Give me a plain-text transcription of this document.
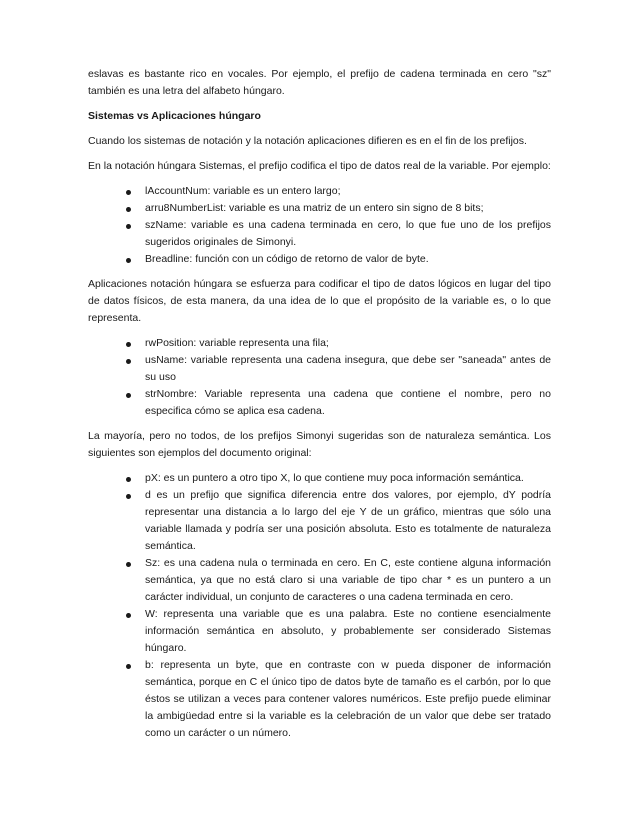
eslavas es bastante rico en vocales. Por ejemplo, el prefijo de cadena terminada en cero "sz" también es una letra del alfabeto húngaro.

Sistemas vs Aplicaciones húngaro

Cuando los sistemas de notación y la notación aplicaciones difieren es en el fin de los prefijos.

En la notación húngara Sistemas, el prefijo codifica el tipo de datos real de la variable. Por ejemplo:

lAccountNum: variable es un entero largo;
arru8NumberList: variable es una matriz de un entero sin signo de 8 bits;
szName: variable es una cadena terminada en cero, lo que fue uno de los prefijos sugeridos originales de Simonyi.
Breadline: función con un código de retorno de valor de byte.

Aplicaciones notación húngara se esfuerza para codificar el tipo de datos lógicos en lugar del tipo de datos físicos, de esta manera, da una idea de lo que el propósito de la variable es, o lo que representa.

rwPosition: variable representa una fila;
usName: variable representa una cadena insegura, que debe ser "saneada" antes de su uso
strNombre: Variable representa una cadena que contiene el nombre, pero no especifica cómo se aplica esa cadena.

La mayoría, pero no todos, de los prefijos Simonyi sugeridas son de naturaleza semántica. Los siguientes son ejemplos del documento original:

pX: es un puntero a otro tipo X, lo que contiene muy poca información semántica.
d es un prefijo que significa diferencia entre dos valores, por ejemplo, dY podría representar una distancia a lo largo del eje Y de un gráfico, mientras que sólo una variable llamada y podría ser una posición absoluta. Esto es totalmente de naturaleza semántica.
Sz: es una cadena nula o terminada en cero. En C, este contiene alguna información semántica, ya que no está claro si una variable de tipo char * es un puntero a un carácter individual, un conjunto de caracteres o una cadena terminada en cero.
W: representa una variable que es una palabra. Este no contiene esencialmente información semántica en absoluto, y probablemente ser considerado Sistemas húngaro.
b: representa un byte, que en contraste con w pueda disponer de información semántica, porque en C el único tipo de datos byte de tamaño es el carbón, por lo que éstos se utilizan a veces para contener valores numéricos. Este prefijo puede eliminar la ambigüedad entre si la variable es la celebración de un valor que debe ser tratado como un carácter o un número.
